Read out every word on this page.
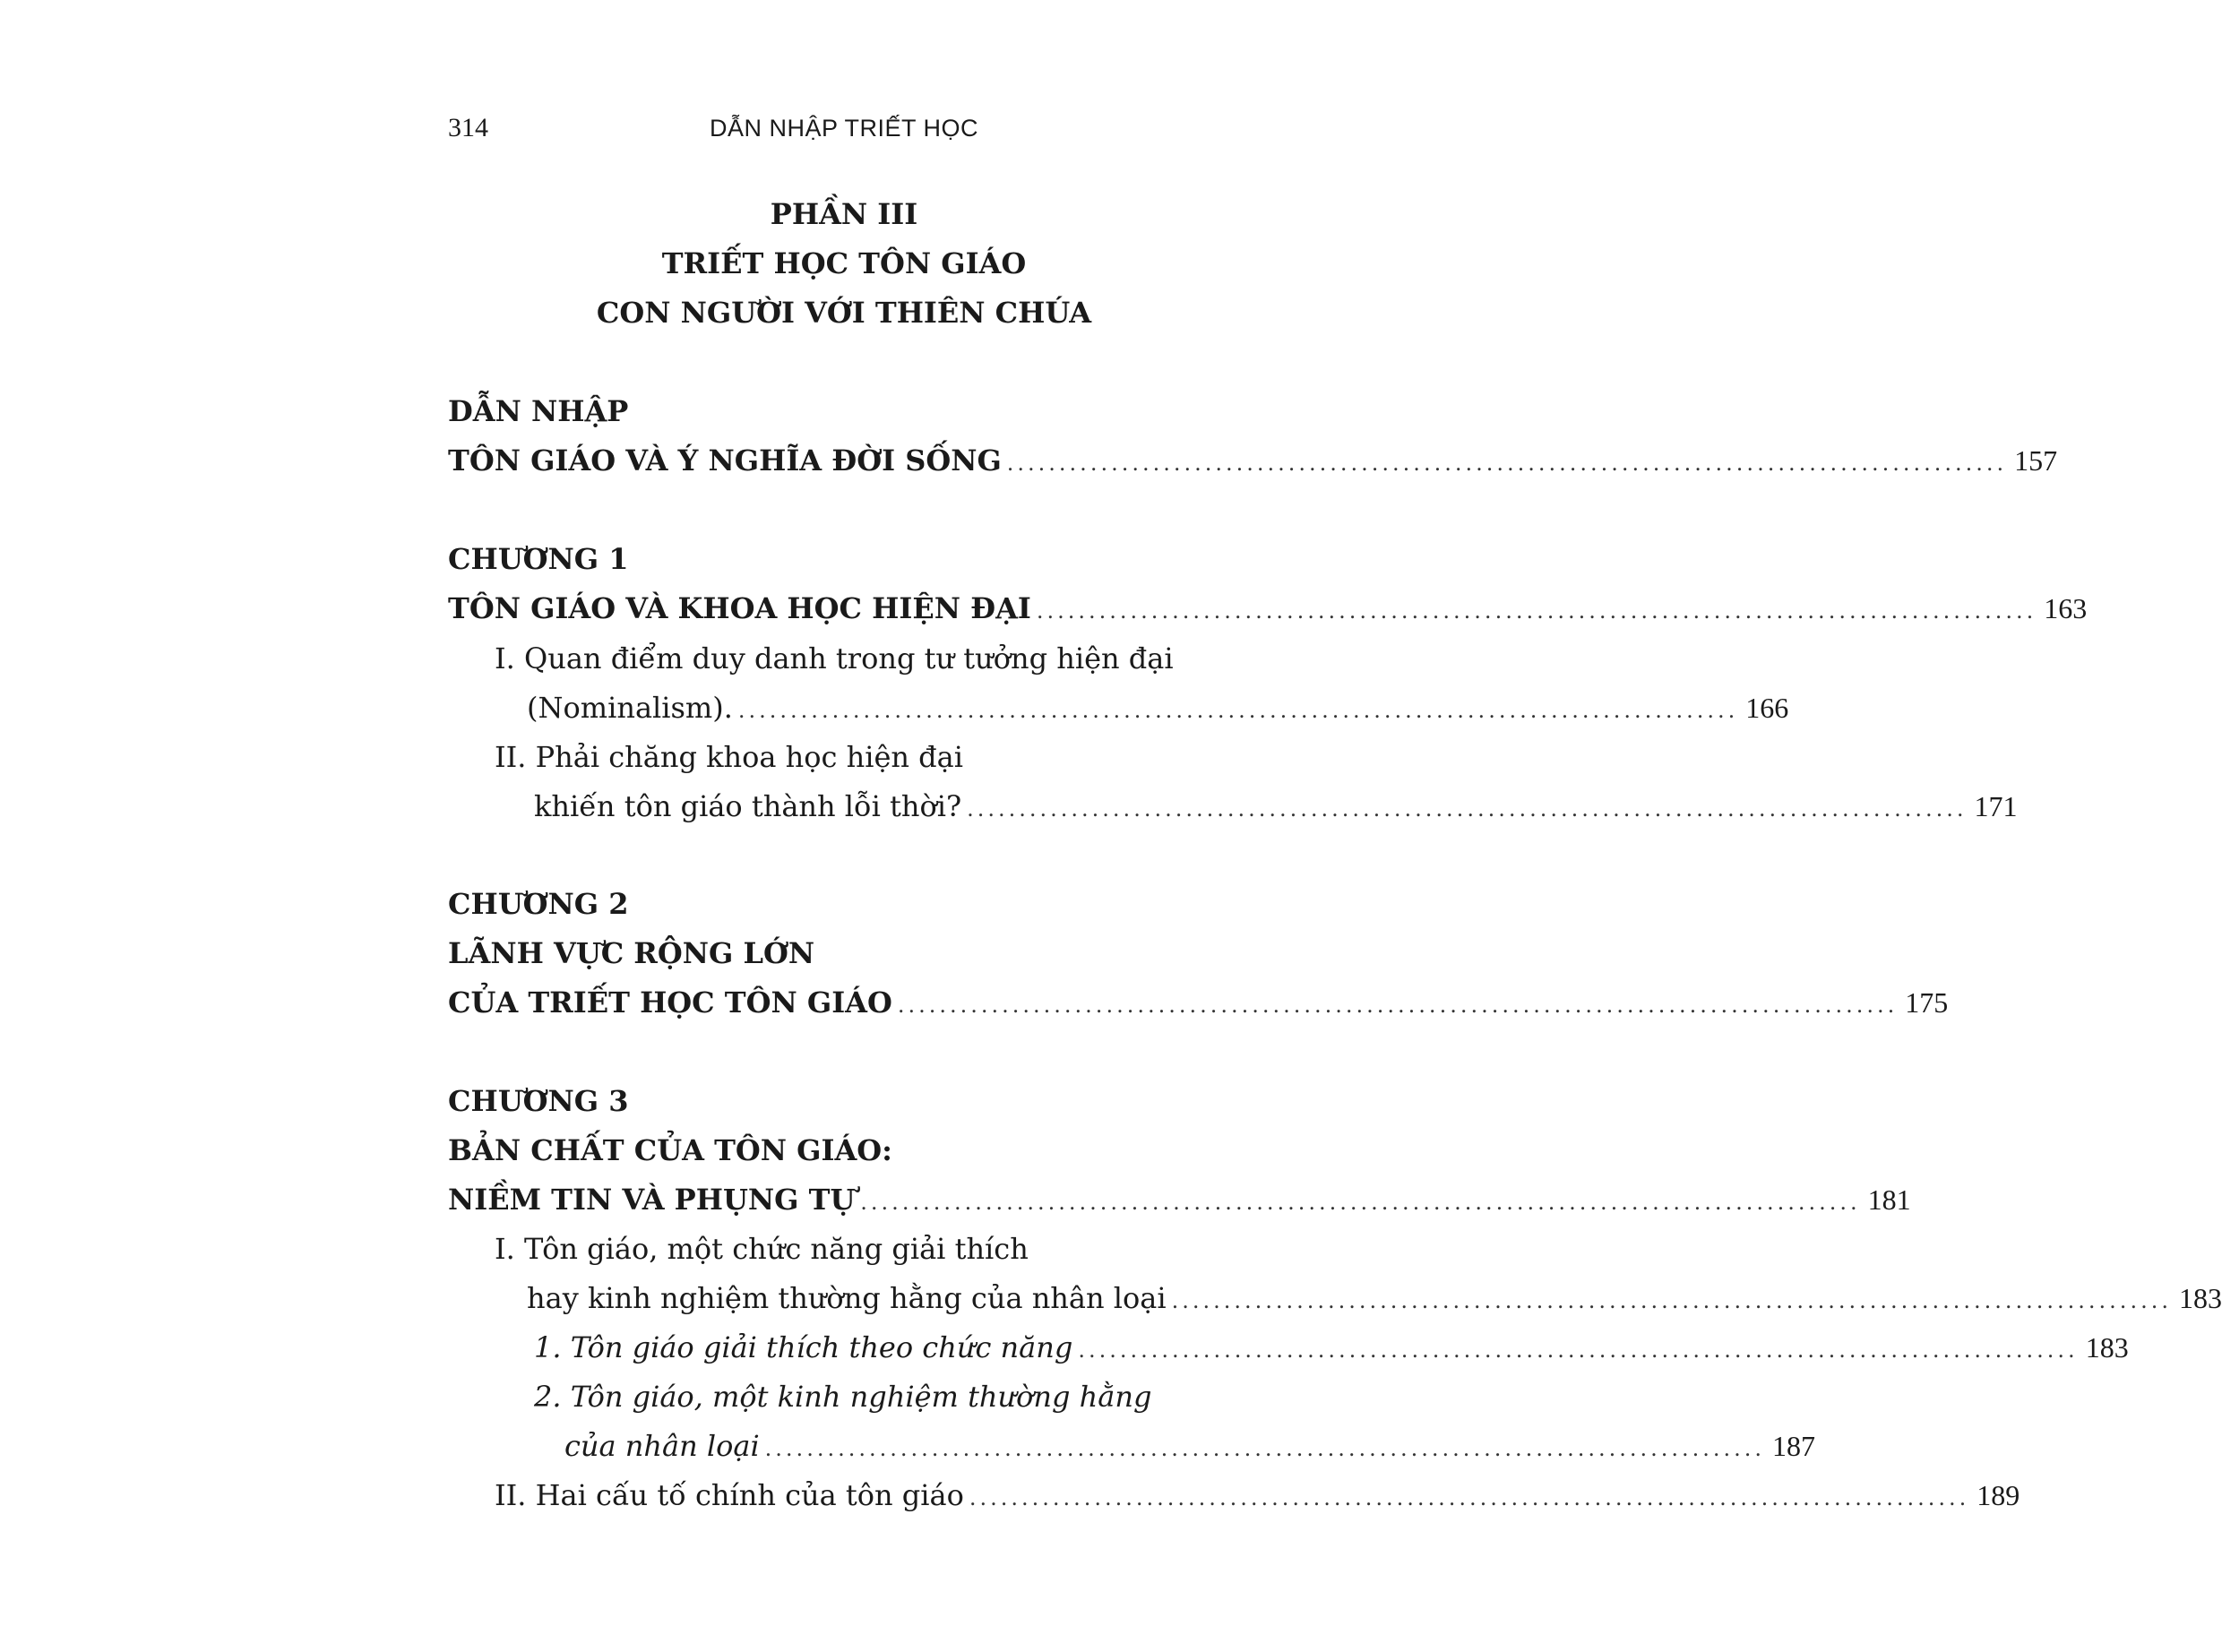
314	DẪN NHẬP TRIẾT HỌC
PHẦN III
TRIẾT HỌC TÔN GIÁO
CON NGƯỜI VỚI THIÊN CHÚA
DẪN NHẬP
TÔN GIÁO VÀ Ý NGHĨA ĐỜI SỐNG ................................................................................................ 157
CHƯƠNG 1
TÔN GIÁO VÀ KHOA HỌC HIỆN ĐẠI ................................................................................................ 163
I. Quan điểm duy danh trong tư tưởng hiện đại
(Nominalism). ................................................................................................ 166
II. Phải chăng khoa học hiện đại
khiến tôn giáo thành lỗi thời? ................................................................................................ 171
CHƯƠNG 2
LÃNH VỰC RỘNG LỚN
CỦA TRIẾT HỌC TÔN GIÁO ................................................................................................ 175
CHƯƠNG 3
BẢN CHẤT CỦA TÔN GIÁO:
NIỀM TIN VÀ PHỤNG TỰ ................................................................................................ 181
I. Tôn giáo, một chức năng giải thích
hay kinh nghiệm thường hằng của nhân loại ................................................................................................ 183
1. Tôn giáo giải thích theo chức năng ................................................................................................ 183
2. Tôn giáo, một kinh nghiệm thường hằng
của nhân loại ................................................................................................ 187
II. Hai cấu tố chính của tôn giáo ................................................................................................ 189
